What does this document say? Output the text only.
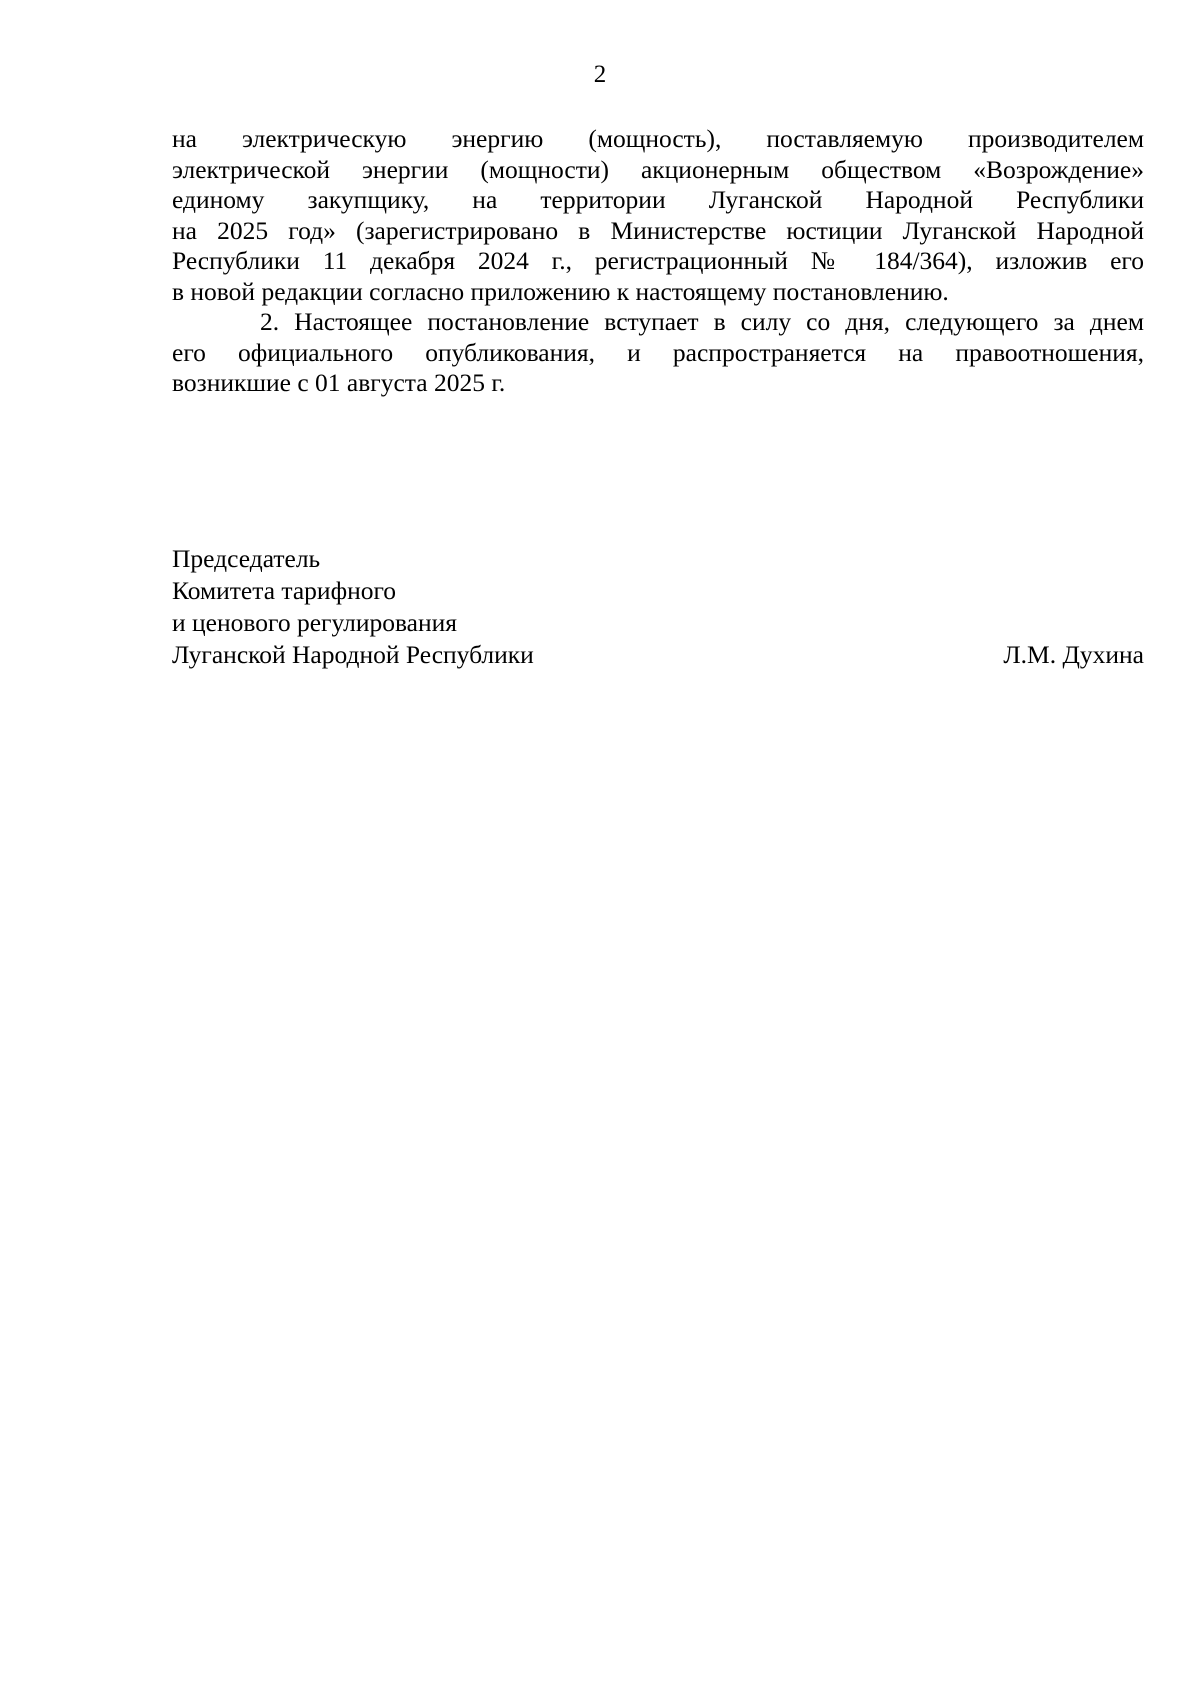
2
на электрическую энергию (мощность), поставляемую производителем
электрической энергии (мощности) акционерным обществом «Возрождение»
единому закупщику, на территории Луганской Народной Республики
на 2025 год» (зарегистрировано в Министерстве юстиции Луганской Народной
Республики 11 декабря 2024 г., регистрационный № 184/364), изложив его
в новой редакции согласно приложению к настоящему постановлению.
2. Настоящее постановление вступает в силу со дня, следующего за днем
его официального опубликования, и распространяется на правоотношения,
возникшие с 01 августа 2025 г.
Председатель
Комитета тарифного
и ценового регулирования
Луганской Народной Республики	Л.М. Духина
